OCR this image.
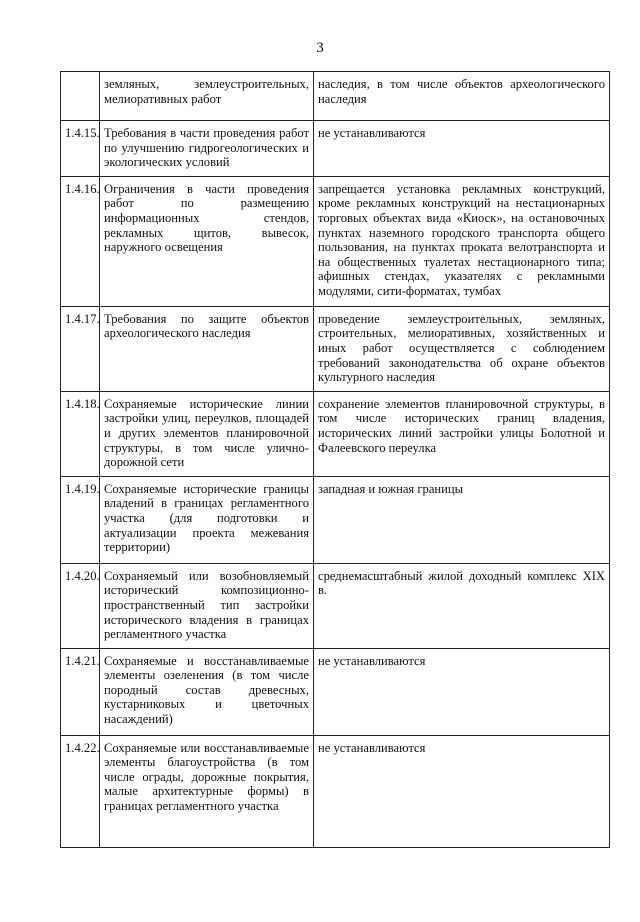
3
	земляных, землеустроительных, мелиоративных работ	наследия, в том числе объектов археологического наследия
1.4.15.	Требования в части проведения работ по улучшению гидрогеологических и экологических условий	не устанавливаются
1.4.16.	Ограничения в части проведения работ по размещению информационных стендов, рекламных щитов, вывесок, наружного освещения	запрещается установка рекламных конструкций, кроме рекламных конструкций на нестационарных торговых объектах вида «Киоск», на остановочных пунктах наземного городского транспорта общего пользования, на пунктах проката велотранспорта и на общественных туалетах нестационарного типа; афишных стендах, указателях с рекламными модулями, сити-форматах, тумбах
1.4.17.	Требования по защите объектов археологического наследия	проведение землеустроительных, земляных, строительных, мелиоративных, хозяйственных и иных работ осуществляется с соблюдением требований законодательства об охране объектов культурного наследия
1.4.18.	Сохраняемые исторические линии застройки улиц, переулков, площадей и других элементов планировочной структуры, в том числе улично-дорожной сети	сохранение элементов планировочной структуры, в том числе исторических границ владения, исторических линий застройки улицы Болотной и Фалеевского переулка
1.4.19.	Сохраняемые исторические границы владений в границах регламентного участка (для подготовки и актуализации проекта межевания территории)	западная и южная границы
1.4.20.	Сохраняемый или возобновляемый исторический композиционно-пространственный тип застройки исторического владения в границах регламентного участка	среднемасштабный жилой доходный комплекс XIX в.
1.4.21.	Сохраняемые и восстанавливаемые элементы озеленения (в том числе породный состав древесных, кустарниковых и цветочных насаждений)	не устанавливаются
1.4.22.	Сохраняемые или восстанавливаемые элементы благоустройства (в том числе ограды, дорожные покрытия, малые архитектурные формы) в границах регламентного участка	не устанавливаются
